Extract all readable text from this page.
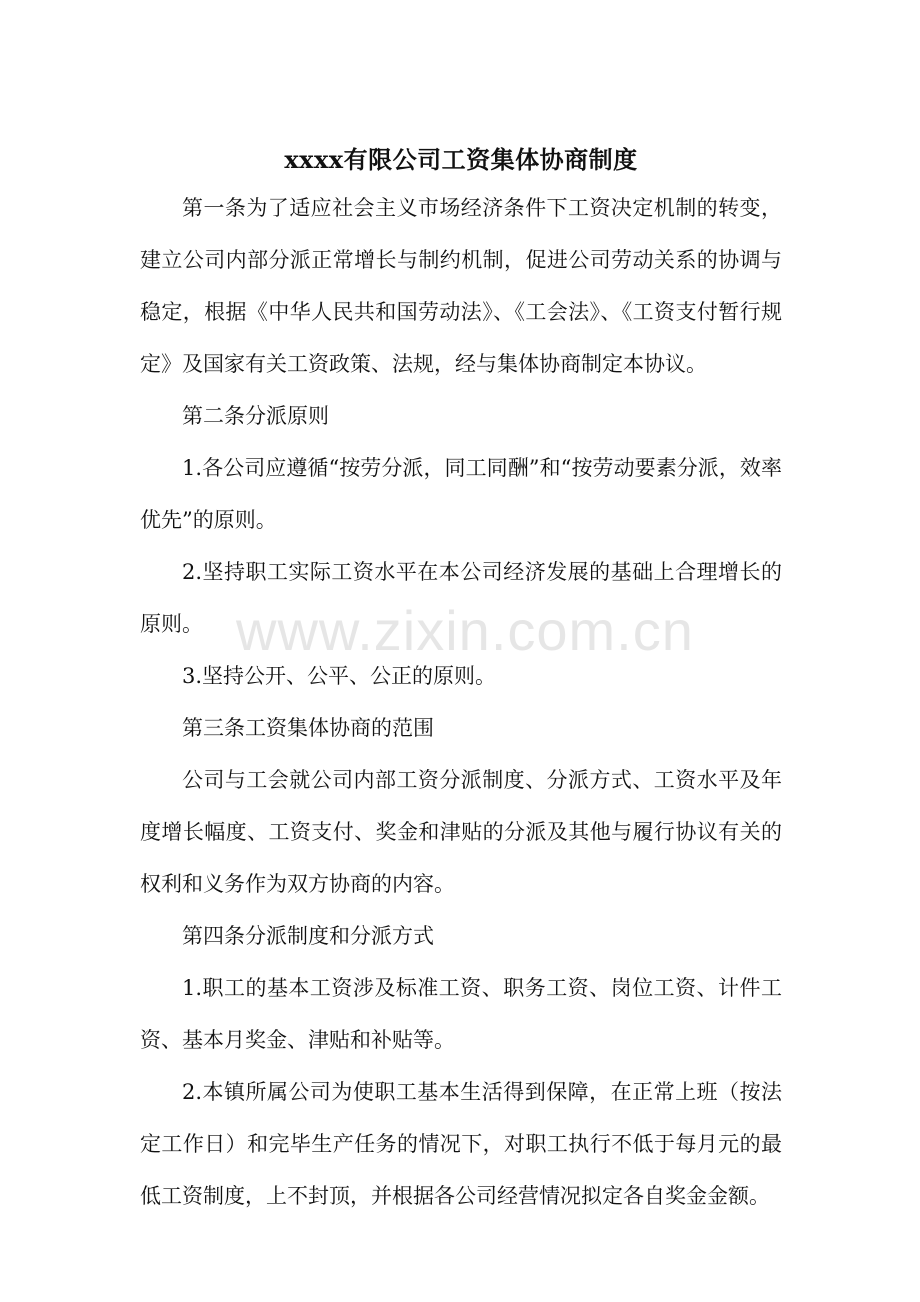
xxxx有限公司工资集体协商制度

第一条为了适应社会主义市场经济条件下工资决定机制的转变，建立公司内部分派正常增长与制约机制，促进公司劳动关系的协调与稳定，根据《中华人民共和国劳动法》、《工会法》、《工资支付暂行规定》及国家有关工资政策、法规，经与集体协商制定本协议。

第二条分派原则

1.各公司应遵循“按劳分派，同工同酬”和“按劳动要素分派，效率优先”的原则。

2.坚持职工实际工资水平在本公司经济发展的基础上合理增长的原则。

3.坚持公开、公平、公正的原则。

第三条工资集体协商的范围

公司与工会就公司内部工资分派制度、分派方式、工资水平及年度增长幅度、工资支付、奖金和津贴的分派及其他与履行协议有关的权利和义务作为双方协商的内容。

第四条分派制度和分派方式

1.职工的基本工资涉及标准工资、职务工资、岗位工资、计件工资、基本月奖金、津贴和补贴等。

2.本镇所属公司为使职工基本生活得到保障，在正常上班（按法定工作日）和完毕生产任务的情况下，对职工执行不低于每月元的最低工资制度，上不封顶，并根据各公司经营情况拟定各自奖金金额。

www.zixin.com.cn
